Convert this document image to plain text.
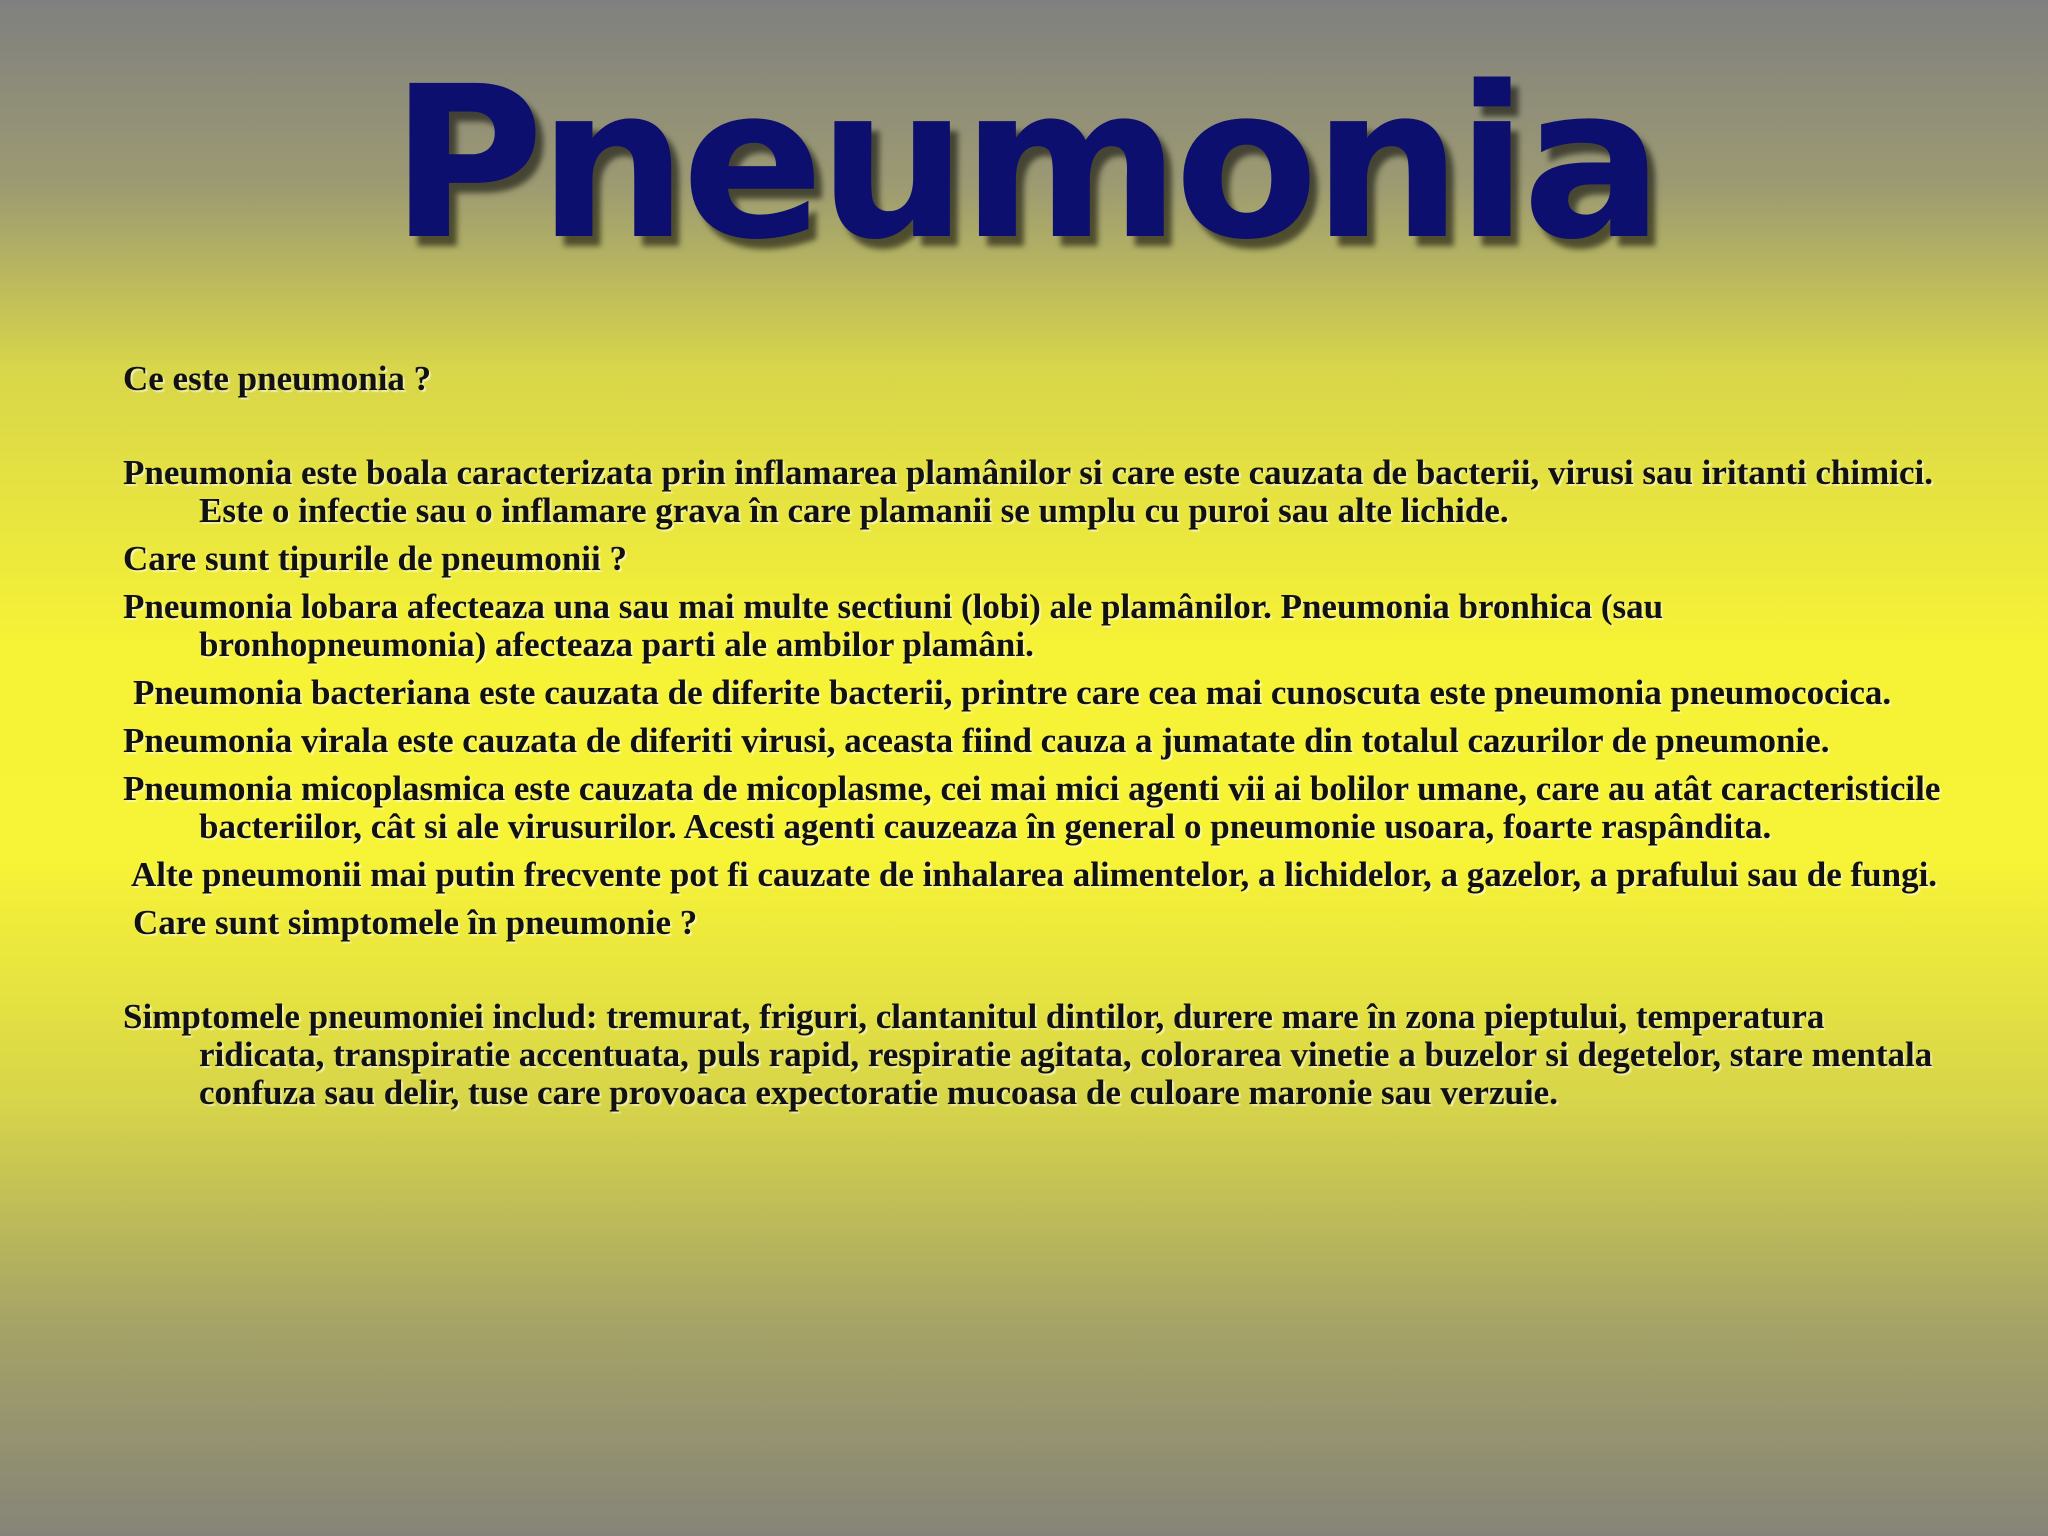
Pneumonia

Ce este pneumonia ?

Pneumonia este boala caracterizata prin inflamarea plamânilor si care este cauzata de bacterii, virusi sau iritanti chimici. Este o infectie sau o inflamare grava în care plamanii se umplu cu puroi sau alte lichide.

Care sunt tipurile de pneumonii ?

Pneumonia lobara afecteaza una sau mai multe sectiuni (lobi) ale plamânilor. Pneumonia bronhica (sau bronhopneumonia) afecteaza parti ale ambilor plamâni.

Pneumonia bacteriana este cauzata de diferite bacterii, printre care cea mai cunoscuta este pneumonia pneumococica.

Pneumonia virala este cauzata de diferiti virusi, aceasta fiind cauza a jumatate din totalul cazurilor de pneumonie.

Pneumonia micoplasmica este cauzata de micoplasme, cei mai mici agenti vii ai bolilor umane, care au atât caracteristicile bacteriilor, cât si ale virusurilor. Acesti agenti cauzeaza în general o pneumonie usoara, foarte raspândita.

Alte pneumonii mai putin frecvente pot fi cauzate de inhalarea alimentelor, a lichidelor, a gazelor, a prafului sau de fungi.

Care sunt simptomele în pneumonie ?

Simptomele pneumoniei includ: tremurat, friguri, clantanitul dintilor, durere mare în zona pieptului, temperatura ridicata, transpiratie accentuata, puls rapid, respiratie agitata, colorarea vinetie a buzelor si degetelor, stare mentala confuza sau delir, tuse care provoaca expectoratie mucoasa de culoare maronie sau verzuie.
